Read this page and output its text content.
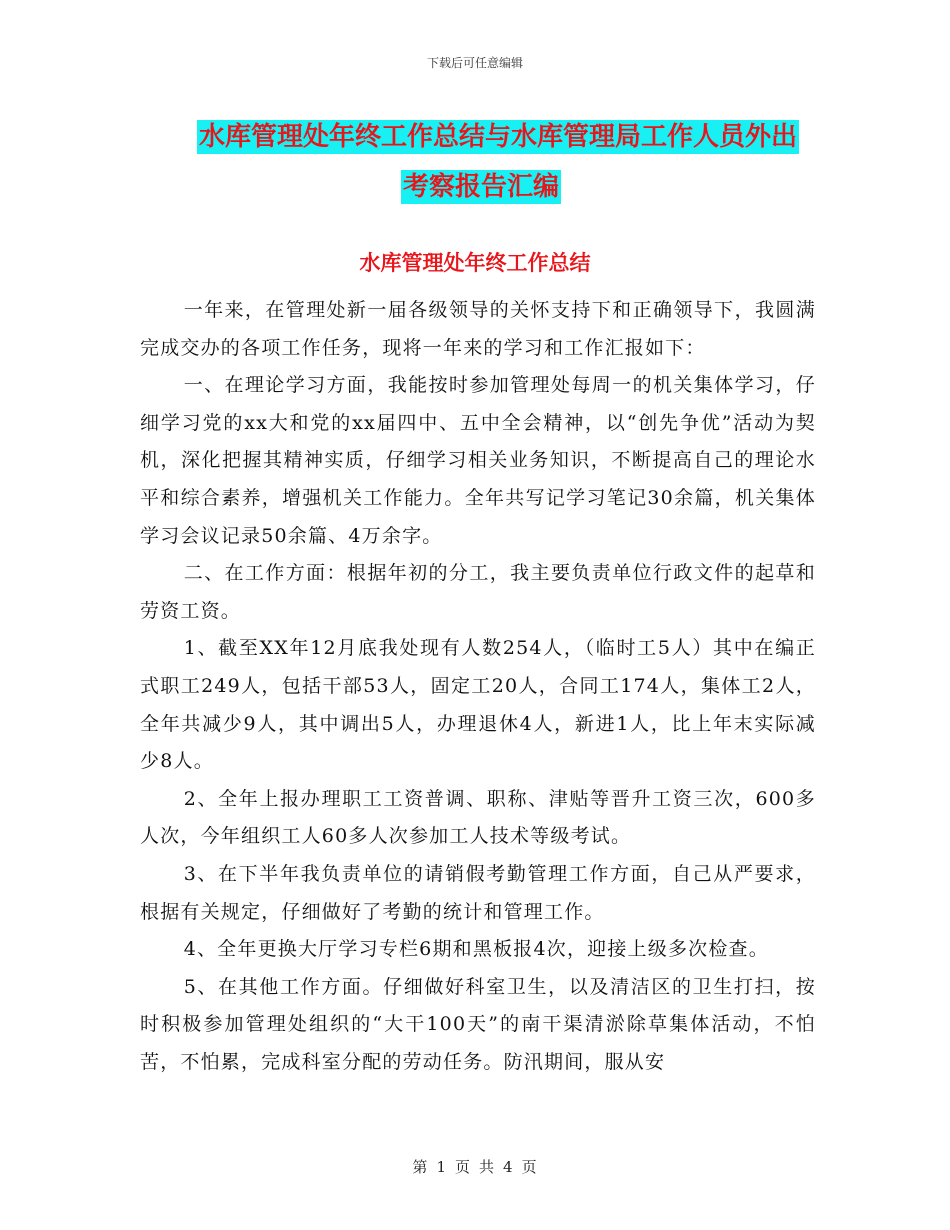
下载后可任意编辑
水库管理处年终工作总结与水库管理局工作人员外出
考察报告汇编
水库管理处年终工作总结

一年来，在管理处新一届各级领导的关怀支持下和正确领导下，我圆满完成交办的各项工作任务，现将一年来的学习和工作汇报如下：

一、在理论学习方面，我能按时参加管理处每周一的机关集体学习，仔细学习党的xx大和党的xx届四中、五中全会精神，以“创先争优”活动为契机，深化把握其精神实质，仔细学习相关业务知识，不断提高自己的理论水平和综合素养，增强机关工作能力。全年共写记学习笔记30余篇，机关集体学习会议记录50余篇、4万余字。

二、在工作方面：根据年初的分工，我主要负责单位行政文件的起草和劳资工资。

1、截至XX年12月底我处现有人数254人，（临时工5人）其中在编正式职工249人，包括干部53人，固定工20人，合同工174人，集体工2人，全年共减少9人，其中调出5人，办理退休4人，新进1人，比上年末实际减少8人。

2、全年上报办理职工工资普调、职称、津贴等晋升工资三次，600多人次，今年组织工人60多人次参加工人技术等级考试。

3、在下半年我负责单位的请销假考勤管理工作方面，自己从严要求，根据有关规定，仔细做好了考勤的统计和管理工作。

4、全年更换大厅学习专栏6期和黑板报4次，迎接上级多次检查。

5、在其他工作方面。仔细做好科室卫生，以及清洁区的卫生打扫，按时积极参加管理处组织的“大干100天”的南干渠清淤除草集体活动，不怕苦，不怕累，完成科室分配的劳动任务。防汛期间，服从安

第 1 页 共 4 页
